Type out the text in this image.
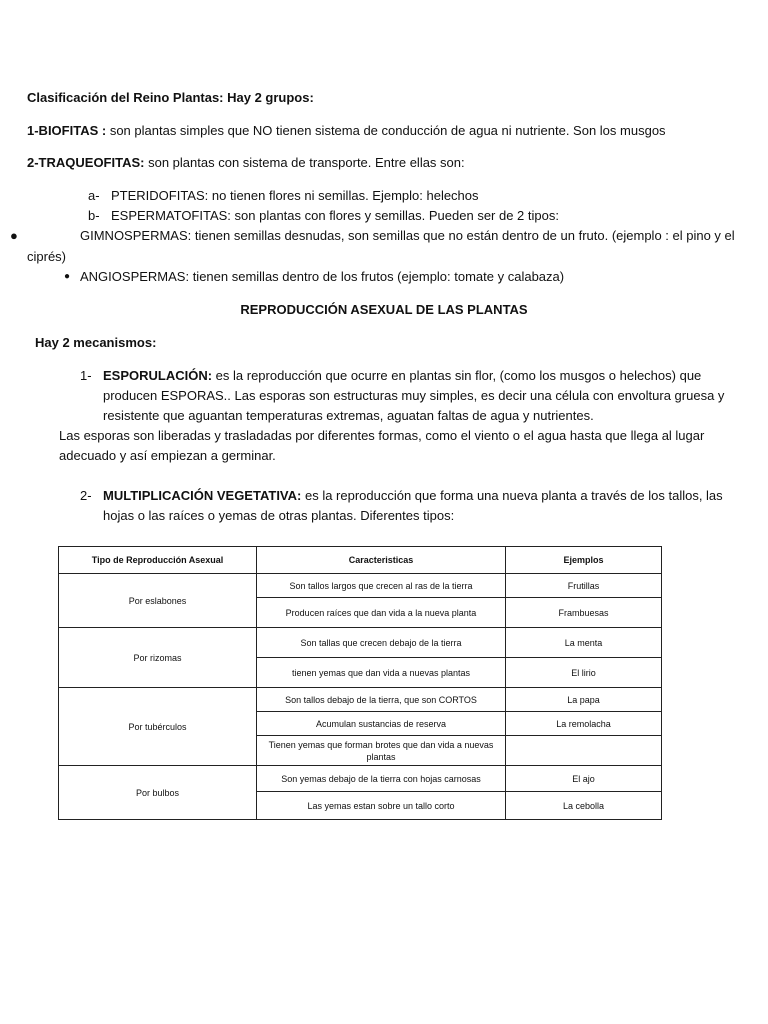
Clasificación del Reino Plantas: Hay 2 grupos:
1-BIOFITAS : son plantas simples que NO tienen sistema de conducción de agua ni nutriente. Son los musgos
2-TRAQUEOFITAS: son plantas con sistema de transporte. Entre ellas son:
a- PTERIDOFITAS: no tienen flores ni semillas. Ejemplo: helechos
b- ESPERMATOFITAS: son plantas con flores y semillas. Pueden ser de 2 tipos:
●	GIMNOSPERMAS: tienen semillas desnudas, son semillas que no están dentro de un fruto. (ejemplo : el pino y el
ciprés)
● ANGIOSPERMAS: tienen semillas dentro de los frutos (ejemplo: tomate y calabaza)
REPRODUCCIÓN ASEXUAL DE LAS PLANTAS
Hay 2 mecanismos:
1- ESPORULACIÓN: es la reproducción que ocurre en plantas sin flor, (como los musgos o helechos) que
producen ESPORAS.. Las esporas son estructuras muy simples, es decir una célula con envoltura gruesa y
resistente que aguantan temperaturas extremas, aguatan faltas de agua y nutrientes.
Las esporas son liberadas y trasladadas por diferentes formas, como el viento o el agua hasta que llega al lugar
adecuado y así empiezan a germinar.
2- MULTIPLICACIÓN VEGETATIVA: es la reproducción que forma una nueva planta a través de los tallos, las
hojas o las raíces o yemas de otras plantas. Diferentes tipos:
Tipo de Reproducción Asexual	Caracteristicas	Ejemplos
Por eslabones	Son tallos largos que crecen al ras de la tierra	Frutillas
	Producen raíces que dan vida a la nueva planta	Frambuesas
Por rizomas	Son tallas que crecen debajo de la tierra	La menta
	tienen yemas que dan vida a nuevas plantas	El lirio
Por tubérculos	Son tallos debajo de la tierra, que son CORTOS	La papa
	Acumulan sustancias de reserva	La remolacha
	Tienen yemas que forman brotes que dan vida a nuevas plantas	
Por bulbos	Son yemas debajo de la tierra con hojas carnosas	El ajo
	Las yemas estan sobre un tallo corto	La cebolla
